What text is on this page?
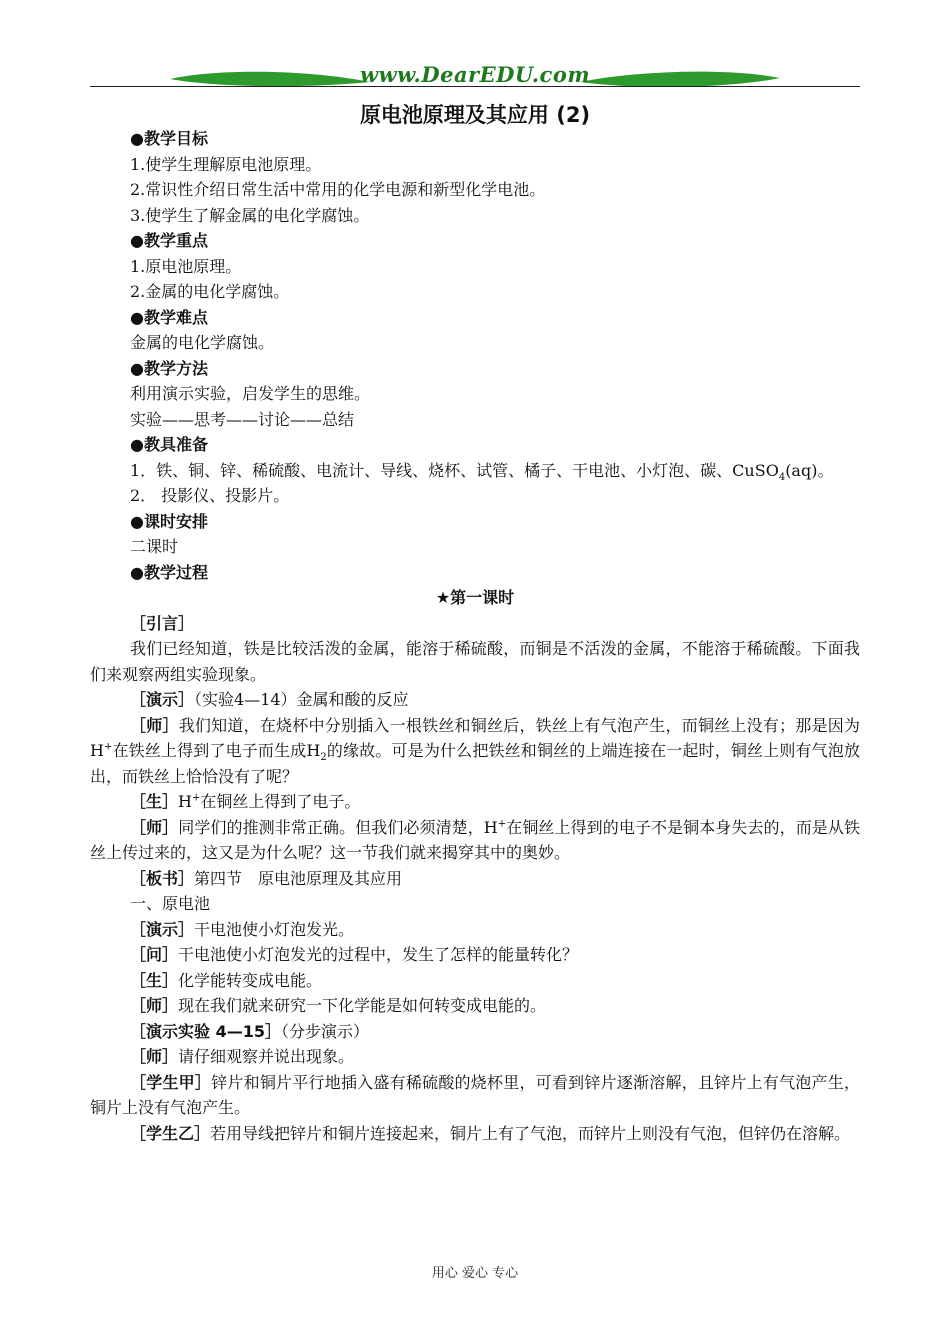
www.DearEDU.com
原电池原理及其应用 (2)

●教学目标

1.使学生理解原电池原理。

2.常识性介绍日常生活中常用的化学电源和新型化学电池。

3.使学生了解金属的电化学腐蚀。

●教学重点

1.原电池原理。

2.金属的电化学腐蚀。

●教学难点

金属的电化学腐蚀。

●教学方法

利用演示实验，启发学生的思维。

实验——思考——讨论——总结

●教具准备

1．铁、铜、锌、稀硫酸、电流计、导线、烧杯、试管、橘子、干电池、小灯泡、碳、CuSO$_4$(aq)。

2． 投影仪、投影片。

●课时安排

二课时

●教学过程

★第一课时

［引言］

我们已经知道，铁是比较活泼的金属，能溶于稀硫酸，而铜是不活泼的金属，不能溶于稀硫酸。下面我们来观察两组实验现象。

［演示］（实验4—14）金属和酸的反应

［师］我们知道，在烧杯中分别插入一根铁丝和铜丝后，铁丝上有气泡产生，而铜丝上没有；那是因为H+在铁丝上得到了电子而生成$H_2$的缘故。可是为什么把铁丝和铜丝的上端连接在一起时，铜丝上则有气泡放出，而铁丝上恰恰没有了呢？

［生］H+在铜丝上得到了电子。

［师］同学们的推测非常正确。但我们必须清楚，H+在铜丝上得到的电子不是铜本身失去的，而是从铁丝上传过来的，这又是为什么呢？这一节我们就来揭穿其中的奥妙。

［板书］第四节　原电池原理及其应用

一、原电池

［演示］干电池使小灯泡发光。

［问］干电池使小灯泡发光的过程中，发生了怎样的能量转化？

［生］化学能转变成电能。

［师］现在我们就来研究一下化学能是如何转变成电能的。

［演示实验 4—15］（分步演示）

［师］请仔细观察并说出现象。

［学生甲］锌片和铜片平行地插入盛有稀硫酸的烧杯里，可看到锌片逐渐溶解，且锌片上有气泡产生，铜片上没有气泡产生。

［学生乙］若用导线把锌片和铜片连接起来，铜片上有了气泡，而锌片上则没有气泡，但锌仍在溶解。

用心 爱心 专心
